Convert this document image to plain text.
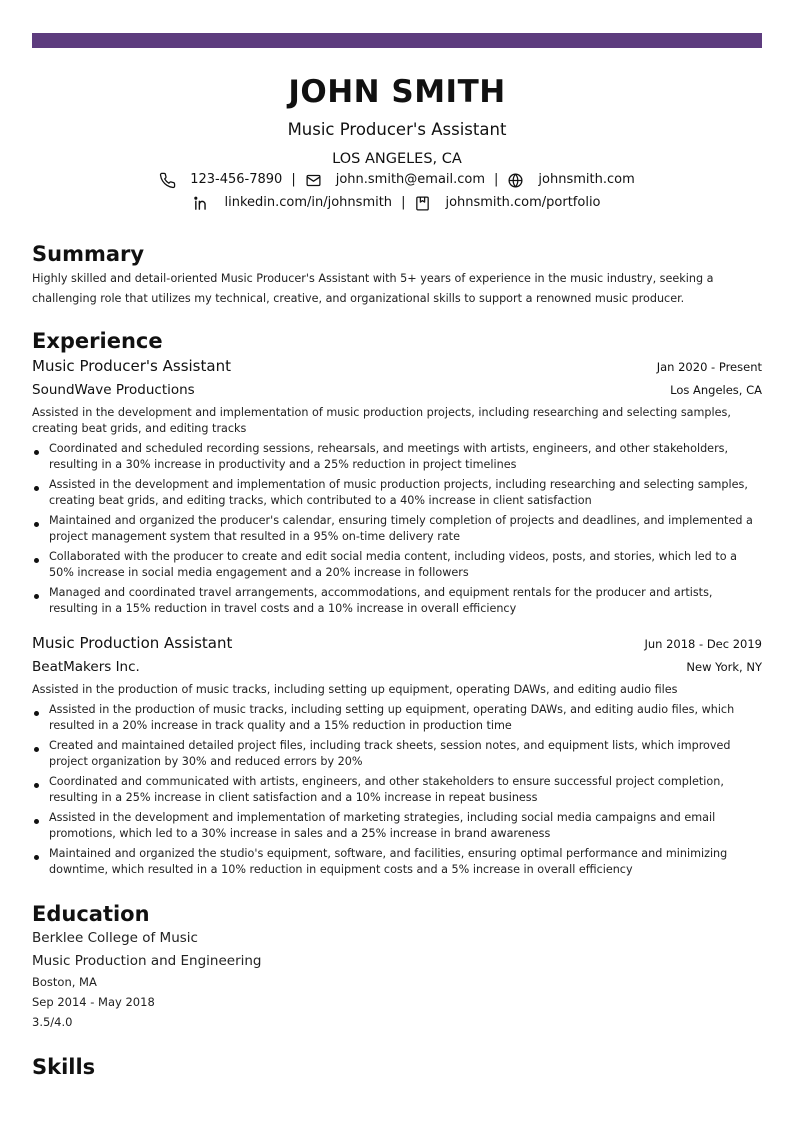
JOHN SMITH
Music Producer's Assistant
LOS ANGELES, CA
123-456-7890 |	john.smith@email.com |	johnsmith.com
linkedin.com/in/johnsmith |	johnsmith.com/portfolio
Summary
Highly skilled and detail-oriented Music Producer's Assistant with 5+ years of experience in the music industry, seeking a challenging role that utilizes my technical, creative, and organizational skills to support a renowned music producer.
Experience
Music Producer's Assistant	Jan 2020 - Present
SoundWave Productions	Los Angeles, CA
Assisted in the development and implementation of music production projects, including researching and selecting samples, creating beat grids, and editing tracks
Coordinated and scheduled recording sessions, rehearsals, and meetings with artists, engineers, and other stakeholders, resulting in a 30% increase in productivity and a 25% reduction in project timelines
Assisted in the development and implementation of music production projects, including researching and selecting samples, creating beat grids, and editing tracks, which contributed to a 40% increase in client satisfaction
Maintained and organized the producer's calendar, ensuring timely completion of projects and deadlines, and implemented a project management system that resulted in a 95% on-time delivery rate
Collaborated with the producer to create and edit social media content, including videos, posts, and stories, which led to a 50% increase in social media engagement and a 20% increase in followers
Managed and coordinated travel arrangements, accommodations, and equipment rentals for the producer and artists, resulting in a 15% reduction in travel costs and a 10% increase in overall efficiency
Music Production Assistant	Jun 2018 - Dec 2019
BeatMakers Inc.	New York, NY
Assisted in the production of music tracks, including setting up equipment, operating DAWs, and editing audio files
Assisted in the production of music tracks, including setting up equipment, operating DAWs, and editing audio files, which resulted in a 20% increase in track quality and a 15% reduction in production time
Created and maintained detailed project files, including track sheets, session notes, and equipment lists, which improved project organization by 30% and reduced errors by 20%
Coordinated and communicated with artists, engineers, and other stakeholders to ensure successful project completion, resulting in a 25% increase in client satisfaction and a 10% increase in repeat business
Assisted in the development and implementation of marketing strategies, including social media campaigns and email promotions, which led to a 30% increase in sales and a 25% increase in brand awareness
Maintained and organized the studio's equipment, software, and facilities, ensuring optimal performance and minimizing downtime, which resulted in a 10% reduction in equipment costs and a 5% increase in overall efficiency
Education
Berklee College of Music
Music Production and Engineering
Boston, MA
Sep 2014 - May 2018
3.5/4.0
Skills
